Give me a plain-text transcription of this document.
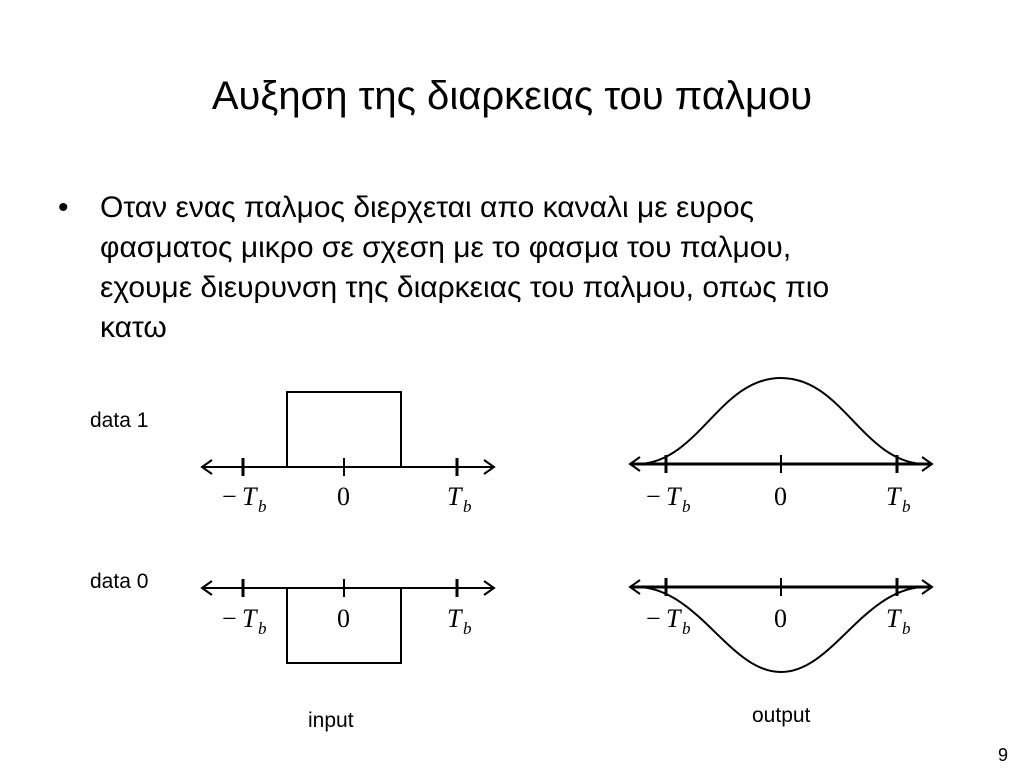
Αυξηση της διαρκειας του παλμου
• Οταν ενας παλμος διερχεται απο καναλι με ευρος
φασματος μικρο σε σχεση με το φασμα του παλμου,
εχουμε διευρυνση της διαρκειας του παλμου, οπως πιο
κατω
data 1
data 0
− T b	0	T b
− T b	0	T b
− T b	0	T b
− T b	0	T b
input	output
9
